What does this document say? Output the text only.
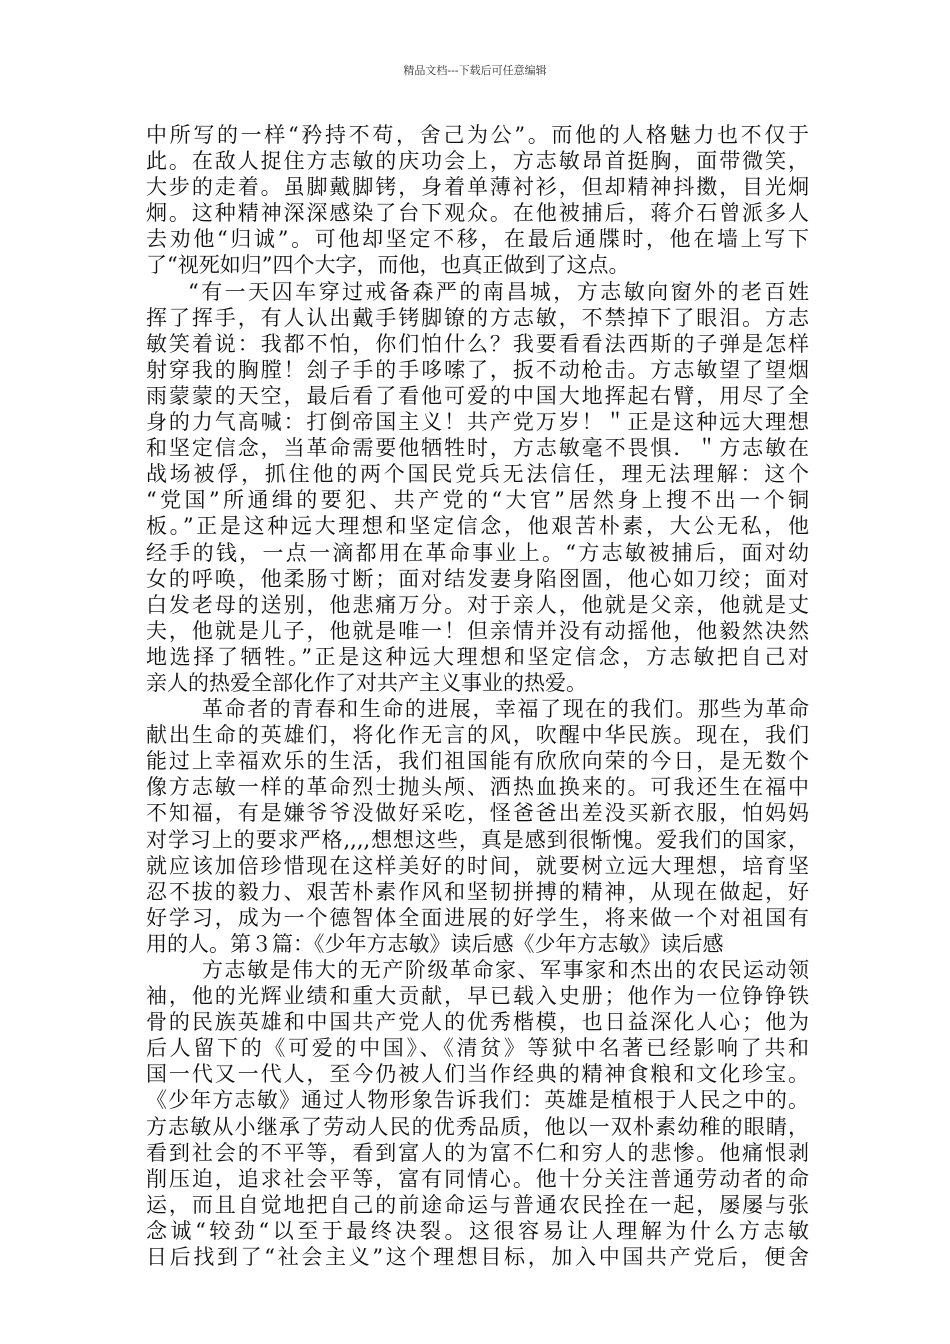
精品文档---下载后可任意编辑

中所写的一样“矜持不苟，舍己为公”。而他的人格魅力也不仅于
此。在敌人捉住方志敏的庆功会上，方志敏昂首挺胸，面带微笑，
大步的走着。虽脚戴脚铐，身着单薄衬衫，但却精神抖擞，目光炯
炯。这种精神深深感染了台下观众。在他被捕后，蒋介石曾派多人
去劝他“归诚”。可他却坚定不移，在最后通牒时，他在墙上写下
了“视死如归”四个大字，而他，也真正做到了这点。

“有一天囚车穿过戒备森严的南昌城，方志敏向窗外的老百姓
挥了挥手，有人认出戴手铐脚镣的方志敏，不禁掉下了眼泪。方志
敏笑着说：我都不怕，你们怕什么？我要看看法西斯的子弹是怎样
射穿我的胸膛！刽子手的手哆嗦了，扳不动枪击。方志敏望了望烟
雨蒙蒙的天空，最后看了看他可爱的中国大地挥起右臂，用尽了全
身的力气高喊：打倒帝国主义！共产党万岁！＂正是这种远大理想
和坚定信念，当革命需要他牺牲时，方志敏毫不畏惧．＂方志敏在
战场被俘，抓住他的两个国民党兵无法信任，理无法理解：这个
“党国”所通缉的要犯、共产党的“大官”居然身上搜不出一个铜
板。”正是这种远大理想和坚定信念，他艰苦朴素，大公无私，他
经手的钱，一点一滴都用在革命事业上。“方志敏被捕后，面对幼
女的呼唤，他柔肠寸断；面对结发妻身陷囹圄，他心如刀绞；面对
白发老母的送别，他悲痛万分。对于亲人，他就是父亲，他就是丈
夫，他就是儿子，他就是唯一！但亲情并没有动摇他，他毅然决然
地选择了牺牲。”正是这种远大理想和坚定信念，方志敏把自己对
亲人的热爱全部化作了对共产主义事业的热爱。

革命者的青春和生命的进展，幸福了现在的我们。那些为革命
献出生命的英雄们，将化作无言的风，吹醒中华民族。现在，我们
能过上幸福欢乐的生活，我们祖国能有欣欣向荣的今日，是无数个
像方志敏一样的革命烈士抛头颅、洒热血换来的。可我还生在福中
不知福，有是嫌爷爷没做好采吃，怪爸爸出差没买新衣服，怕妈妈
对学习上的要求严格,,,,想想这些，真是感到很惭愧。爱我们的国家，
就应该加倍珍惜现在这样美好的时间，就要树立远大理想，培育坚
忍不拔的毅力、艰苦朴素作风和坚韧拼搏的精神，从现在做起，好
好学习，成为一个德智体全面进展的好学生，将来做一个对祖国有
用的人。第３篇：《少年方志敏》读后感《少年方志敏》读后感

方志敏是伟大的无产阶级革命家、军事家和杰出的农民运动领
袖，他的光辉业绩和重大贡献，早已载入史册；他作为一位铮铮铁
骨的民族英雄和中国共产党人的优秀楷模，也日益深化人心；他为
后人留下的《可爱的中国》、《清贫》等狱中名著已经影响了共和
国一代又一代人，至今仍被人们当作经典的精神食粮和文化珍宝。
《少年方志敏》通过人物形象告诉我们：英雄是植根于人民之中的。
方志敏从小继承了劳动人民的优秀品质，他以一双朴素幼稚的眼睛，
看到社会的不平等，看到富人的为富不仁和穷人的悲惨。他痛恨剥
削压迫，追求社会平等，富有同情心。他十分关注普通劳动者的命
运，而且自觉地把自己的前途命运与普通农民拴在一起，屡屡与张
念诚“较劲“以至于最终决裂。这很容易让人理解为什么方志敏
日后找到了“社会主义”这个理想目标，加入中国共产党后，便舍
